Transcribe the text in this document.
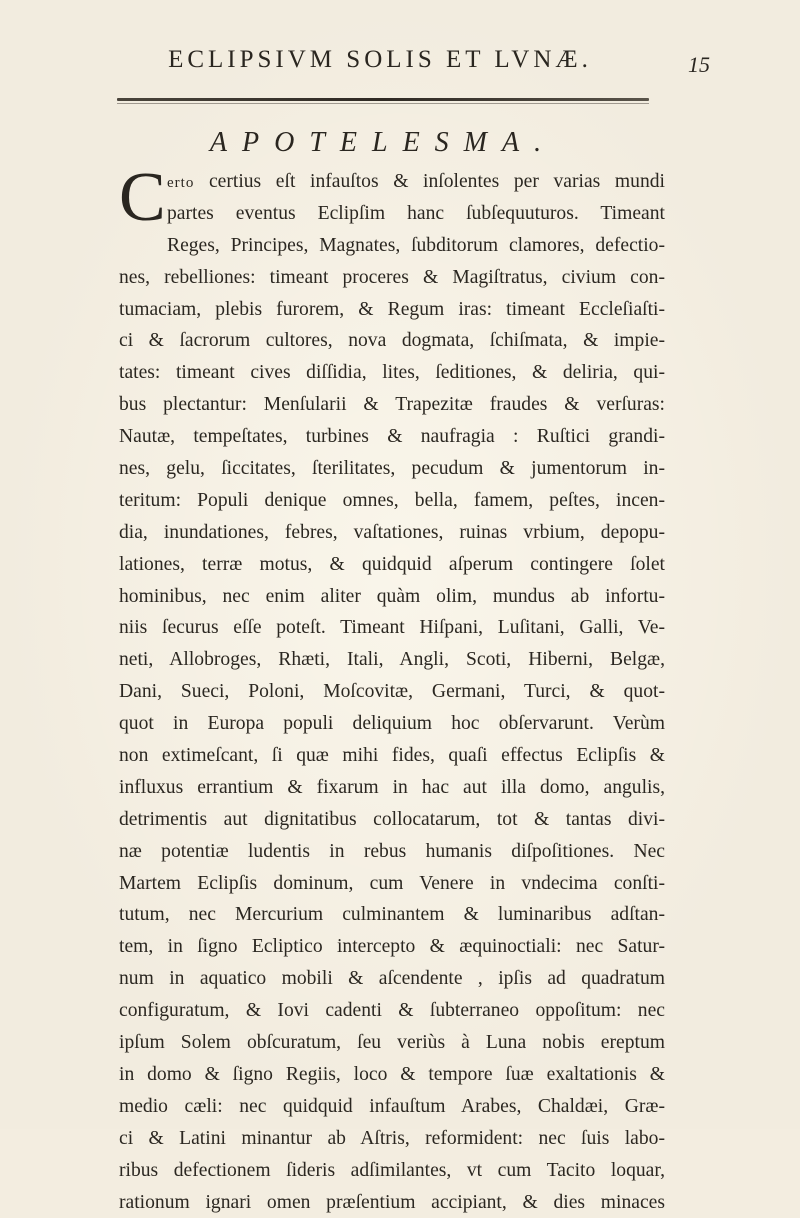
ECLIPSIVM SOLIS ET LVNÆ.	15
APOTELESMA.
C erto certius eſt infauſtos & inſolentes per varias mundi
partes eventus Eclipſim hanc ſubſequuturos. Timeant
Reges, Principes, Magnates, ſubditorum clamores, defectio-
nes, rebelliones: timeant proceres & Magiſtratus, civium con-
tumaciam, plebis furorem, & Regum iras: timeant Eccleſiaſti-
ci & ſacrorum cultores, nova dogmata, ſchiſmata, & impie-
tates: timeant cives diſſidia, lites, ſeditiones, & deliria, qui-
bus plectantur: Menſularii & Trapezitæ fraudes & verſuras:
Nautæ, tempeſtates, turbines & naufragia : Ruſtici grandi-
nes, gelu, ſiccitates, ſterilitates, pecudum & jumentorum in-
teritum: Populi denique omnes, bella, famem, peſtes, incen-
dia, inundationes, febres, vaſtationes, ruinas vrbium, depopu-
lationes, terræ motus, & quidquid aſperum contingere ſolet
hominibus, nec enim aliter quàm olim, mundus ab infortu-
niis ſecurus eſſe poteſt. Timeant Hiſpani, Luſitani, Galli, Ve-
neti, Allobroges, Rhæti, Itali, Angli, Scoti, Hiberni, Belgæ,
Dani, Sueci, Poloni, Moſcovitæ, Germani, Turci, & quot-
quot in Europa populi deliquium hoc obſervarunt. Verùm
non extimeſcant, ſi quæ mihi fides, quaſi effectus Eclipſis &
influxus errantium & fixarum in hac aut illa domo, angulis,
detrimentis aut dignitatibus collocatarum, tot & tantas divi-
næ potentiæ ludentis in rebus humanis diſpoſitiones. Nec
Martem Eclipſis dominum, cum Venere in vndecima conſti-
tutum, nec Mercurium culminantem & luminaribus adſtan-
tem, in ſigno Ecliptico intercepto & æquinoctiali: nec Satur-
num in aquatico mobili & aſcendente , ipſis ad quadratum
configuratum, & Iovi cadenti & ſubterraneo oppoſitum: nec
ipſum Solem obſcuratum, ſeu veriùs à Luna nobis ereptum
in domo & ſigno Regiis, loco & tempore ſuæ exaltationis &
medio cæli: nec quidquid infauſtum Arabes, Chaldæi, Græ-
ci & Latini minantur ab Aſtris, reformident: nec ſuis labo-
ribus defectionem ſideris adſimilantes, vt cum Tacito loquar,
rationum ignari omen præſentium accipiant, & dies minaces
